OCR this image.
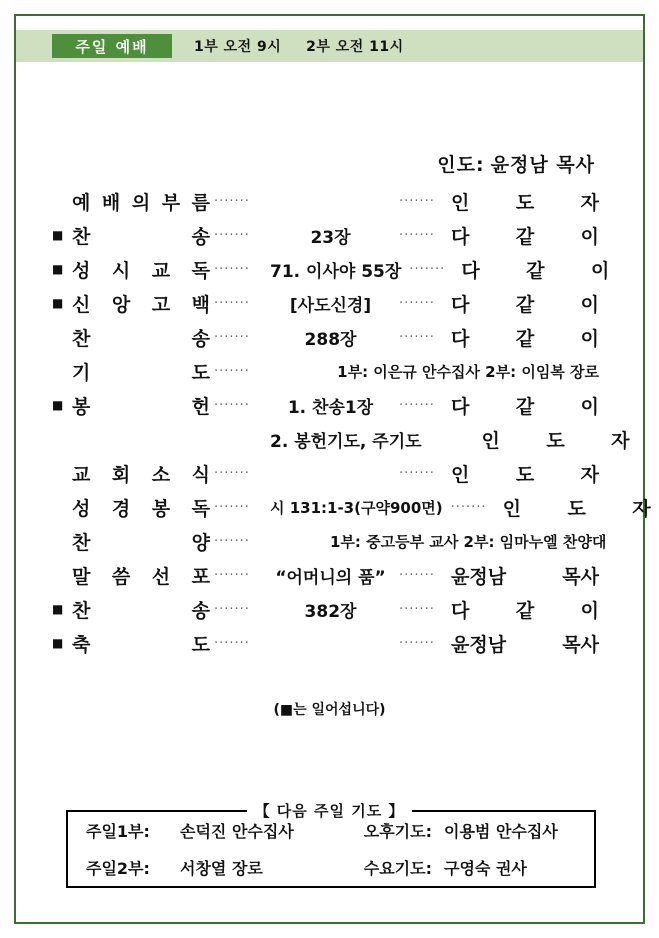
주일 예배	1부 오전 9시 2부 오전 11시
인도: 윤정남 목사
예 배 의 부 름 ·······	······· 인 도 자
■ 찬	송 ·······	23장	······· 다 같 이
■ 성 시 교 독 ·······	71. 이사야 55장 ······· 다 같 이
■ 신 앙 고 백 ·······	[사도신경]	······· 다 같 이
찬	송 ·······	288장	······· 다 같 이
기	도 ·······	1부: 이은규 안수집사 2부: 이임복 장로
■ 봉	헌 ·······	1. 찬송1장	······· 다 같 이
2. 봉헌기도, 주기도	인 도 자
교 회 소 식 ·······	······· 인 도 자
성 경 봉 독 ·······	시 131:1-3(구약900면) ······· 인 도 자
찬	양 ·······	1부: 중고등부 교사 2부: 임마누엘 찬양대
말 씀 선 포 ·······	“어머니의 품”	······· 윤정남	목사
■ 찬	송 ·······	382장	······· 다 같 이
■ 축	도 ·······	······· 윤정남	목사
(■는 일어섭니다)
【 다음 주일 기도 】
주일1부:	손덕진 안수집사	오후기도: 이용범 안수집사
주일2부:	서창열 장로	수요기도: 구영숙 권사
